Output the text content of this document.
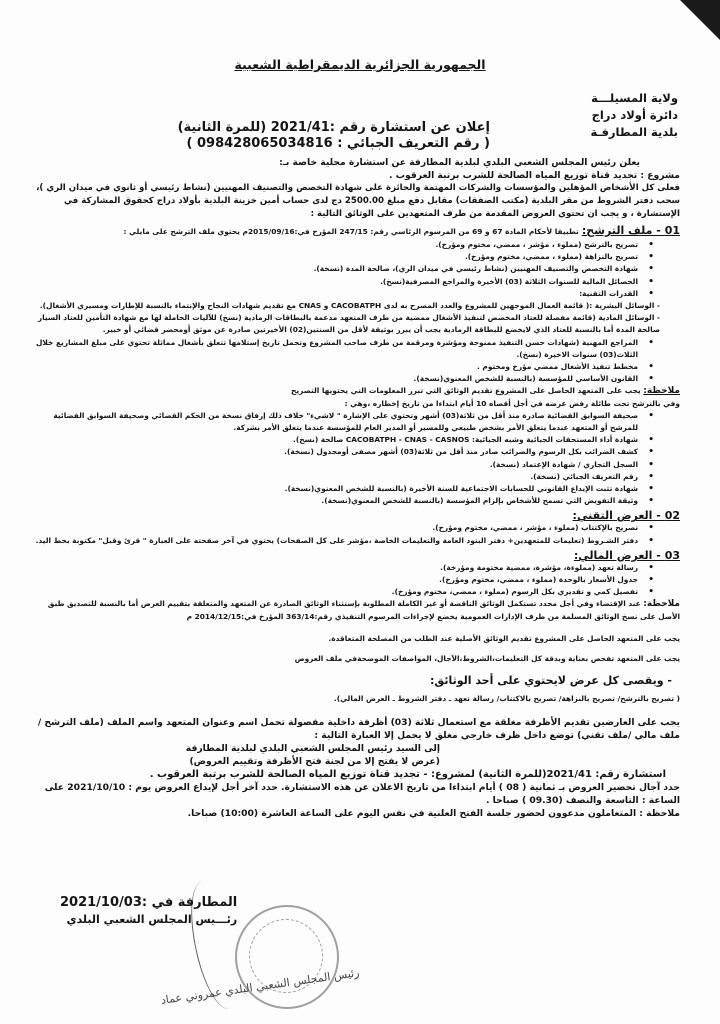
الجمهورية الجزائرية الديمقراطية الشعبية
ولاية المسيلـــة
دائرة أولاد دراج
بلدية المطارفـة
إعلان عن استشارة رقم :2021/41 (للمرة الثانية)
( رقم التعريف الجبائي : 098428065034816 )
يعلن رئيس المجلس الشعبي البلدي لبلدية المطارفة عن استشارة محلية خاصة بـ:
مشروع : تجديد قناة توزيع المياه الصالحة للشرب برتبة العرقوب .
فعلى كل الأشخاص المؤهلين والمؤسسات والشركات المهتمة والحائزة على شهادة التخصص والتصنيف المهنيين (نشاط رئيسي أو ثانوي في ميدان الري )، سحب دفتر الشروط من مقر البلدية (مكتب الصفقات) مقابل دفع مبلغ 2500.00 دج لدى حساب أمين خزينة البلدية بأولاد دراج كحقوق المشاركة في الإستشارة ، و يجب ان تحتوي العروض المقدمة من طرف المتعهدين على الوثائق التالية :
01 - ملف الترشح: تطبيقا لأحكام المادة 67 و 69 من المرسوم الرئاسي رقم: 247/15 المؤرخ في:2015/09/16م يحتوي ملف الترشح على مايلي :
• تصريح بالترشح (مملوء ، مؤشر ، ممضي، مختوم ومؤرخ).
• تصريح بالنزاهة (مملوء ، ممضي، مختوم ومؤرخ).
• شهادة التخصص والتصنيف المهنيين (نشاط رئيسي في ميدان الري)، صالحة المدة (نسخة).
• الحصائل المالية للسنوات الثلاثة (03) الأخيرة والمراجع المصرفية(نسخ).
• القدرات التقنية:
- الوسائل البشرية :( قائمة العمال الموجهين للمشروع والعدد المصرح به لدى CACOBATPH و CNAS مع تقديم شهادات النجاح والإنتماء بالنسبة للإطارات ومسيري الأشغال).
- الوسائل المادية (قائمة مفصلة للعتاد المخصص لتنفيذ الأشغال ممضية من طرف المتعهد مدعمة بالبطاقات الرمادية (نسخ) للآليات الحاملة لها مع شهادة التأمين للعتاد السيار صالحة المدة أما بالنسبة للعتاد الذي لايخضع للبطاقة الرمادية يجب أن يبرر بوثيقة لأقل من السنتين(02) الأخيرتين صادرة عن موثق أومحضر قضائي أو خبير.
• المراجع المهنية (شهادات حسن التنفيذ ممنوحة ومؤشرة ومرقمة من طرف صاحب المشروع وتحمل تاريخ إستلامها تتعلق بأشغال مماثلة تحتوي على مبلغ المشاريع خلال الثلاث(03) سنوات الاخيرة (نسخ).
• مخطط تنفيذ الأشغال ممضي مؤرخ ومختوم .
• القانون الأساسي للمؤسسة (بالنسبة للشخص المعنوي(نسخة).
ملاحظة: يجب على المتعهد الحاصل على المشروع تقديم الوثائق التي تبرر المعلومات التي يحتويها التصريح
وفي بالترشح تحت طائلة رفض عرضه في أجل أقصاه 10 أيام ابتداءا من تاريخ إخطاره ،وهي :
• صحيفة السوابق القضائية صادرة منذ أقل من ثلاثة(03) أشهر وتحتوي على الإشارة " لاشيء" خلاف ذلك إرفاق نسخة من الحكم القضائي وصحيفة السوابق القضائية للمرشح أو المتعهد عندما يتعلق الأمر بشخص طبيعي وللمسير أو المدير العام للمؤسسة عندما يتعلق الأمر بشركة.
• شهادة أداء المستحقات الجبائية وشبه الجبائية: CACOBATPH - CNAS - CASNOS صالحة (نسخ).
• كشف الضرائب بكل الرسوم والضرائب صادر منذ أقل من ثلاثة(03) أشهر مصفى أومجدول (نسخة).
• السجل التجاري / شهادة الإعتماد (نسخة).
• رقم التعريف الجبائي (نسخة).
• شهادة تثبت الإيداع القانوني للحسابات الاجتماعية للسنة الأخيرة (بالنسبة للشخص المعنوي(نسخة).
• وثيقة التفويض التي تسمح للأشخاص بإلزام المؤسسة (بالنسبة للشخص المعنوي(نسخة).
02 - العرض التقني:
• تصريح بالإكتتاب (مملوء ، مؤشر ، ممضي، مختوم ومؤرخ).
• دفتر الشـروط (تعليمات للمتعهدين+ دفتر البنود العامة والتعليمات الخاصة ،مؤشر على كل الصفحات) يحتوي في آخر صفحته على العبارة " قرئ وقبل" مكتوبة بخط اليد.
03 - العرض المالي:
• رسالة تعهد (مملوءة، مؤشرة، ممضية مختومة ومؤرخة).
• جدول الأسعار بالوحدة (مملوء ، ممضي، مختوم ومؤرخ).
• تفصيل كمي و تقديري بكل الرسوم (مملوء ، ممضي، مختوم ومؤرخ).
ملاحظة: عند الإقتضاء وفي أجل محدد تستكمل الوثائق الناقصة أو غير الكاملة المطلوبة بإستثناء الوثائق الصادرة عن المتعهد والمتعلقة بتقييم العرض أما بالنسبة للتصديق طبق الأصل على نسخ الوثائق المسلمة من طرف الإدارات العمومية يخضع لإجراءات المرسوم التنفيذي رقم:363/14 المؤرخ في:2014/12/15 م
يجب على المتعهد الحاصل على المشروع تقديم الوثائق الأصلية عند الطلب من المصلحة المتعاقدة.
يجب على المتعهد تفحص بعناية وبدقة كل التعليمات،الشروط،الآجال، المواصفات الموضحةفي ملف العروض
- ويقصى كل عرض لايحتوي على أحد الوثائق:
( تصريح بالترشح/ تصريح بالنزاهة/ تصريح بالاكتتاب/ رسالة تعهد ـ دفتر الشروط ـ العرض المالي).
يجب على العارضين تقديم الأظرفة مغلقة مع استعمال ثلاثة (03) أظرفة داخلية مفصولة تحمل اسم وعنوان المتعهد واسم الملف (ملف الترشح /ملف مالي /ملف تقني) توضع داخل ظرف خارجي مغلق لا يحمل إلا العبارة التالية :
إلى السيد رئيس المجلس الشعبي البلدي لبلدية المطارفة
(عرض لا يفتح إلا من لجنة فتح الأظرفة وتقييم العروض)
استشارة رقم: 2021/41(للمرة الثانية) لمشروع: - تجديد قناة توزيع المياه الصالحة للشرب برتبة العرقوب .
حدد آجال تحضير العروض بـ ثمانية ( 08 ) أيام ابتداءا من تاريخ الاعلان عن هذه الاستشارة. حدد آخر أجل لإيداع العروض يوم : 2021/10/10 على الساعة : التاسعة والنصف (09.30 ) صباحا .
ملاحظة : المتعاملون مدعوون لحضور جلسة الفتح العلنية في نفس اليوم على الساعة العاشرة (10:00) صباحا.
رئيس المجلس الشعبي البلدي عمروني عماد
المطارفة في :2021/10/03
رئـــيس المجلس الشعبي البلدي
